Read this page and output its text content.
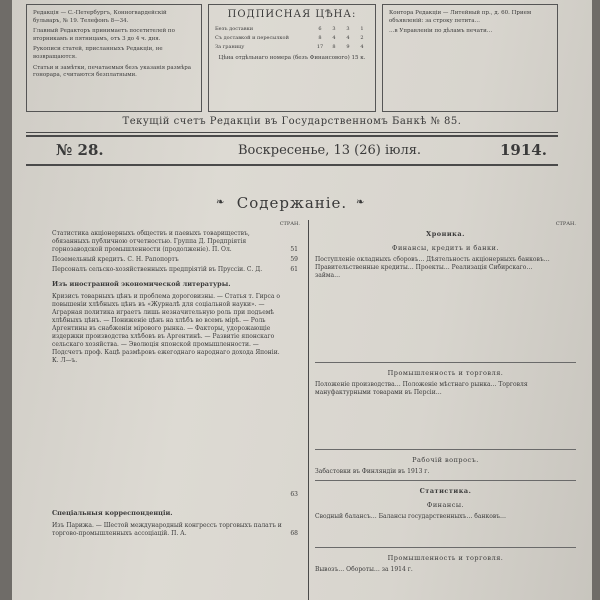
Редакція — С.-Петербургъ, Конногвардейскій бульваръ, № 19. Телефонъ 8—34.

Главный Редакторъ принимаетъ посетителей по вторникамъ и пятницамъ, отъ 3 до 4 ч. дня.

Рукописи статей, присланныхъ Редакціи, не возвращаются.

Статьи и замѣтки, печатаемыя безъ указанія размѣра гонорара, считаются безплатными.

ПОДПИСНАЯ ЦѢНА:
Безъ доставки	6	3	3	1
Съ доставкой и пересылкой	8	4	4	2
За границу	17	8	9	4
Цѣна отдѣльнаго номера (безъ Финансового) 15 к.

Контора Редакціи — Литейный пр., д. 60. Прием объявленій: за строку петита…

…в Управленіи по дѣламъ печати…

Текущій счетъ Редакціи въ Государственномъ Банкѣ № 85.
№ 28.	Воскресенье, 13 (26) іюля.	1914.
❧ Содержаніе. ❧
СТРАН.
Статистика акціонерныхъ обществъ и паевыхъ товариществъ, обязанныхъ публичною отчетностью. Группа Д. Предпріятія горнозаводской промышленности (продолженіе). П. Ол.	51
Поземельный кредитъ. С. Н. Рапопортъ	59
Персоналъ сельско-хозяйственныхъ предпріятій въ Пруссіи. С. Д.	61
Изъ иностранной экономической литературы.
Кризисъ товарныхъ цѣнъ и проблема дороговизны. — Статья т. Гирса о повышеніи хлѣбныхъ цѣнъ въ «Журналѣ для соціальной науки». — Аграрная политика играетъ лишь незначительную роль при подъемѣ хлѣбныхъ цѣнъ. — Пониженіе цѣнъ на хлѣбъ во всемъ мірѣ. — Роль Аргентины въ снабженіи мірового рынка. — Факторы, удорожающіе издержки производства хлѣбовъ въ Аргентинѣ. — Развитіе японскаго сельскаго хозяйства. — Эволюція японской промышленности. — Подсчетъ проф. Кацѣ размѣровъ ежегоднаго народнаго дохода Японіи. К. Л—ъ.
63
Спеціальныя корреспонденціи.
Изъ Парижа. — Шестой международный конгрессъ торговыхъ палатъ и торгово-промышленныхъ ассоціацій. П. А.	68
СТРАН.
Хроника.
Финансы, кредитъ и банки.
Поступленіе окладныхъ сборовъ… Дѣятельность акціонерныхъ банковъ… Правительственные кредиты… Проекты… Реализація Сибирскаго… займа…
Промышленность и торговля.
Положеніе производства… Положеніе мѣстнаго рынка… Торговля мануфактурными товарами въ Персіи…
Рабочій вопросъ.
Забастовки въ Финляндіи въ 1913 г.
Статистика.
Финансы.
Сводный балансъ… Балансы государственныхъ… банковъ…
Промышленность и торговля.
Вывозъ… Обороты… за 1914 г.
